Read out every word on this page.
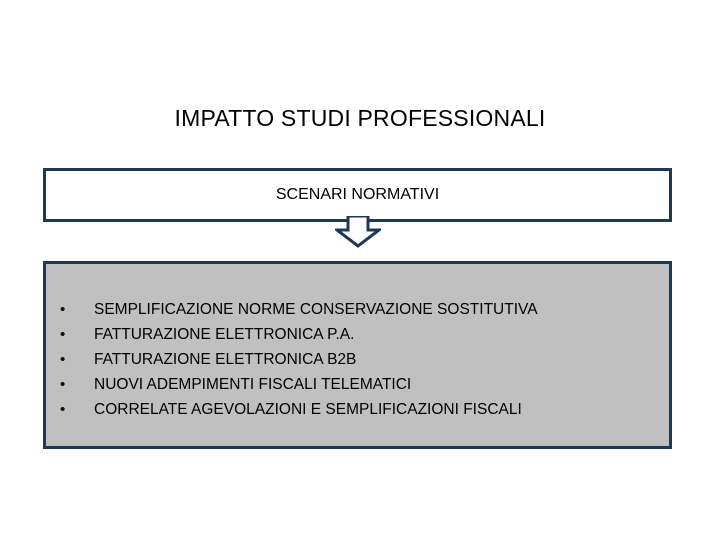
IMPATTO STUDI PROFESSIONALI
SCENARI NORMATIVI
• SEMPLIFICAZIONE NORME CONSERVAZIONE SOSTITUTIVA
• FATTURAZIONE ELETTRONICA P.A.
• FATTURAZIONE ELETTRONICA B2B
• NUOVI ADEMPIMENTI FISCALI TELEMATICI
• CORRELATE AGEVOLAZIONI E SEMPLIFICAZIONI FISCALI
